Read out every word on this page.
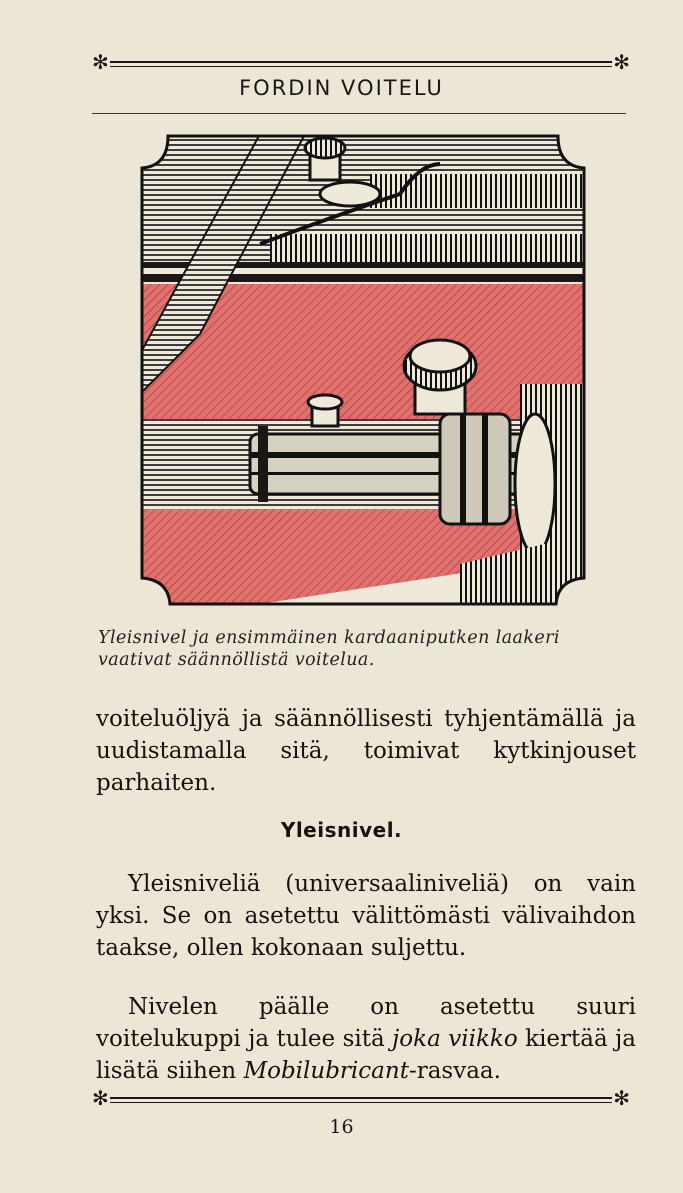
✻	✻
FORDIN VOITELU
Yleisnivel ja ensimmäinen kardaaniputken laakeri vaativat säännöllistä voitelua.
voiteluöljyä ja säännöllisesti tyhjentämällä ja uudistamalla sitä, toimivat kytkinjouset parhaiten.
Yleisnivel.
Yleisniveliä (universaaliniveliä) on vain yksi. Se on asetettu välittömästi välivaihdon taakse, ollen kokonaan suljettu.
Nivelen päälle on asetettu suuri voitelukuppi ja tulee sitä joka viikko kiertää ja lisätä siihen Mobilubricant-rasvaa.
✻	✻
16
